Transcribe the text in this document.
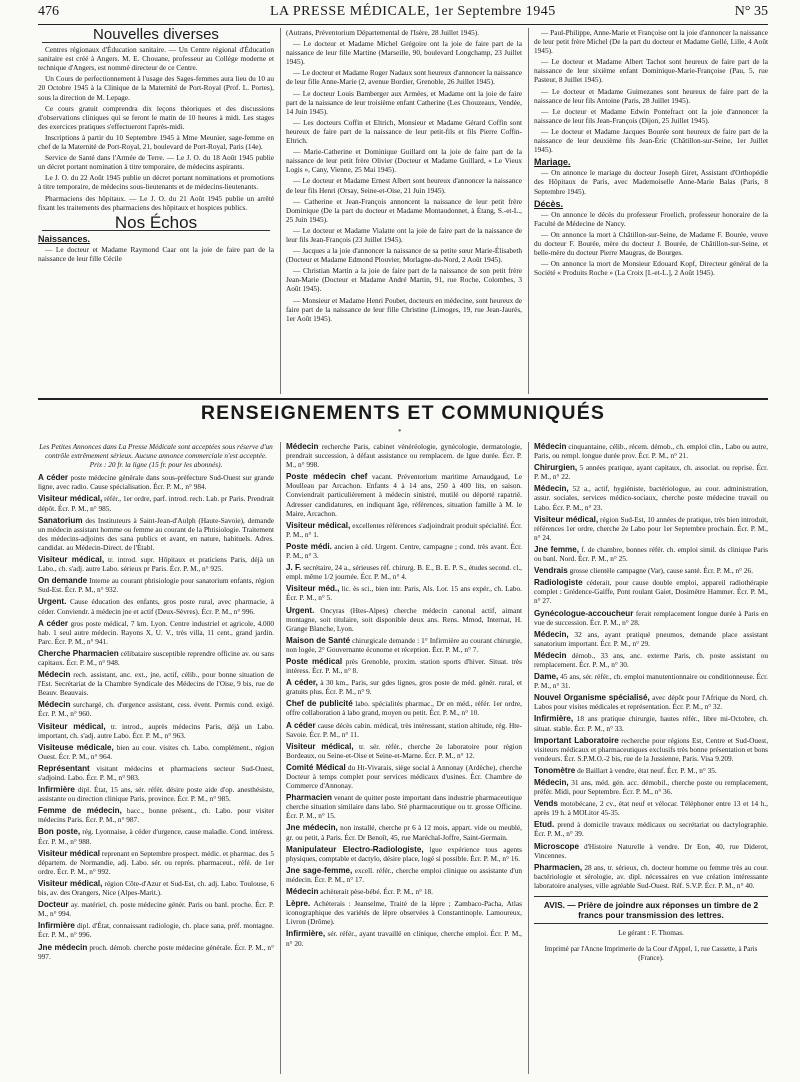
476	LA PRESSE MÉDICALE, 1er Septembre 1945	N° 35
Nouvelles diverses

Centres régionaux d'Éducation sanitaire. — Un Centre régional d'Éducation sanitaire est créé à Angers. M. E. Chouane, professeur au Collège moderne et technique d'Angers, est nommé directeur de ce Centre.

Un Cours de perfectionnement à l'usage des Sages-femmes aura lieu du 10 au 20 Octobre 1945 à la Clinique de la Maternité de Port-Royal (Prof. L. Portes), sous la direction de M. Lepage.

Ce cours gratuit comprendra dix leçons théoriques et des discussions d'observations cliniques qui se feront le matin de 10 heures à midi. Les stages des exercices pratiques s'effectueront l'après-midi.

Inscriptions à partir du 10 Septembre 1945 à Mme Meunier, sage-femme en chef de la Maternité de Port-Royal, 21, boulevard de Port-Royal, Paris (14e).

Service de Santé dans l'Armée de Terre. — Le J. O. du 18 Août 1945 publie un décret portant nomination à titre temporaire, de médecins aspirants.

Le J. O. du 22 Août 1945 publie un décret portant nominations et promotions à titre temporaire, de médecins sous-lieutenants et de médecins-lieutenants.

Pharmaciens des hôpitaux. — Le J. O. du 21 Août 1945 publie un arrêté fixant les traitements des pharmaciens des hôpitaux et hospices publics.

Nos Échos
Naissances.

— Le docteur et Madame Raymond Caar ont la joie de faire part de la naissance de leur fille Cécile

(Autrans, Préventorium Départemental de l'Isère, 28 Juillet 1945).

— Le docteur et Madame Michel Grégoire ont la joie de faire part de la naissance de leur fille Martine (Marseille, 90, boulevard Longchamp, 23 Juillet 1945).

— Le docteur et Madame Roger Nadaux sont heureux d'annoncer la naissance de leur fille Anne-Marie (2, avenue Bordier, Grenoble, 26 Juillet 1945).

— Le docteur Louis Bamberger aux Armées, et Madame ont la joie de faire part de la naissance de leur troisième enfant Catherine (Les Chouzeaux, Vendée, 14 Juin 1945).

— Les docteurs Coffin et Eltrich, Monsieur et Madame Gérard Coffin sont heureux de faire part de la naissance de leur petit-fils et fils Pierre Coffin-Eltrich.

— Marie-Catherine et Dominique Guillard ont la joie de faire part de la naissance de leur petit frère Olivier (Docteur et Madame Guillard, « Le Vieux Logis », Cany, Vienne, 25 Mai 1945).

— Le docteur et Madame Ernest Albert sont heureux d'annoncer la naissance de leur fils Henri (Orsay, Seine-et-Oise, 21 Juin 1945).

— Catherine et Jean-François annoncent la naissance de leur petit frère Dominique (De la part du docteur et Madame Montaudonnet, à Étang, S.-et-L., 25 Juin 1945).

— Le docteur et Madame Vialatte ont la joie de faire part de la naissance de leur fils Jean-François (23 Juillet 1945).

— Jacques a la joie d'annoncer la naissance de sa petite sœur Marie-Élisabeth (Docteur et Madame Edmond Plouvier, Morlagne-du-Nord, 2 Août 1945).

— Christian Martin a la joie de faire part de la naissance de son petit frère Jean-Marie (Docteur et Madame André Martin, 91, rue Roche, Colombes, 3 Août 1945).

— Monsieur et Madame Henri Poubet, docteurs en médecine, sont heureux de faire part de la naissance de leur fille Christine (Limoges, 19, rue Jean-Jaurès, 1er Août 1945).

— Paul-Philippe, Anne-Marie et Françoise ont la joie d'annoncer la naissance de leur petit frère Michel (De la part du docteur et Madame Gellé, Lille, 4 Août 1945).

— Le docteur et Madame Albert Tachot sont heureux de faire part de la naissance de leur sixième enfant Dominique-Marie-Françoise (Pau, 5, rue Pasteur, 8 Juillet 1945).

— Le docteur et Madame Guimezanes sont heureux de faire part de la naissance de leur fils Antoine (Paris, 28 Juillet 1945).

— Le docteur et Madame Edwin Pontefract ont la joie d'annoncer la naissance de leur fils Jean-François (Dijon, 25 Juillet 1945).

— Le docteur et Madame Jacques Bourée sont heureux de faire part de la naissance de leur deuxième fils Jean-Éric (Châtillon-sur-Seine, 1er Juillet 1945).

Mariage.

— On annonce le mariage du docteur Joseph Giret, Assistant d'Orthopédie des Hôpitaux de Paris, avec Mademoiselle Anne-Marie Balas (Paris, 8 Septembre 1945).

Décès.

— On annonce le décès du professeur Froelich, professeur honoraire de la Faculté de Médecine de Nancy.

— On annonce la mort à Châtillon-sur-Seine, de Madame F. Bourée, veuve du docteur F. Bourée, mère du docteur J. Bourée, de Châtillon-sur-Seine, et belle-mère du docteur Pierre Maugras, de Bourges.

— On annonce la mort de Monsieur Edouard Kopf, Directeur général de la Société « Produits Roche » (La Croix [I.-et-L.], 2 Août 1945).

RENSEIGNEMENTS ET COMMUNIQUÉS
*
Les Petites Annonces dans La Presse Médicale sont acceptées sous réserve d'un contrôle extrêmement sérieux. Aucune annonce commerciale n'est acceptée. Prix : 20 fr. la ligne (15 fr. pour les abonnés).
A céder poste médecine générale dans sous-préfecture Sud-Ouest sur grande ligne, avec radio. Cause spécialisation. Écr. P. M., n° 984.
Visiteur médical, référ., 1er ordre, parf. introd. rech. Lab. pr Paris. Prendrait dépôt. Écr. P. M., n° 985.
Sanatorium des Instituteurs à Saint-Jean-d'Aulph (Haute-Savoie), demande un médecin assistant homme ou femme au courant de la Phtisiologie. Traitement des médecins-adjoints des sana publics et avant, en nature, habituels. Adres. candidat. au Médecin-Direct. de l'Établ.
Visiteur médical, tr. introd. supr. Hôpitaux et praticiens Paris, déjà un Labo., ch. s'adj. autre Labo. sérieux pr Paris. Écr. P. M., n° 925.
On demande Interne au courant phtisiologie pour sanatorium enfants, région Sud-Est. Écr. P. M., n° 932.
Urgent. Cause éducation des enfants, gros poste rural, avec pharmacie, à céder. Conviendr. à médecin jne et actif (Deux-Sèvres). Écr. P. M., n° 996.
A céder gros poste médical, 7 km. Lyon. Centre industriel et agricole, 4.000 hab. 1 seul autre médecin. Rayons X, U. V., très villa, 11 cent., grand jardin. Parc. Écr. P. M., n° 941.
Cherche Pharmacien célibataire susceptible reprendre officine av. ou sans capitaux. Écr. P. M., n° 948.
Médecin rech. assistant, anc. ext., jne, actif, célib., pour bonne situation de l'Est. Secrétariat de la Chambre Syndicale des Médecins de l'Oise, 9 bis, rue de Beauv. Beauvais.
Médecin surchargé, ch. d'urgence assistant, cess. évent. Permis cond. exigé. Écr. P. M., n° 960.
Visiteur médical, tr. introd., auprès médecins Paris, déjà un Labo. important, ch. s'adj. autre Labo. Écr. P. M., n° 963.
Visiteuse médicale, bien au cour. visites ch. Labo. complément., région Ouest. Écr. P. M., n° 964.
Représentant visitant médecins et pharmaciens secteur Sud-Ouest, s'adjoind. Labo. Écr. P. M., n° 983.
Infirmière dipl. État, 15 ans, sér. référ. désire poste aide d'op. anesthésiste, assistante ou direction clinique Paris, province. Écr. P. M., n° 985.
Femme de médecin, bacc., bonne présent., ch. Labo. pour visiter médecins Paris. Écr. P. M., n° 987.
Bon poste, rég. Lyonnaise, à céder d'urgence, cause maladie. Cond. intéress. Écr. P. M., n° 988.
Visiteur médical reprenant en Septembre prospect. médic. et pharmac. des 5 départem. de Normandie, adj. Labo. sér. ou représ. pharmaceut., réfé. de 1er ordre. Écr. P. M., n° 992.
Visiteur médical, région Côte-d'Azur et Sud-Est, ch. adj. Labo. Toulouse, 6 bis, av. des Orangers, Nice (Alpes-Marit.).
Docteur ay. matériel, ch. poste médecine génér. Paris ou banl. proche. Écr. P. M., n° 994.
Infirmière dipl. d'État, connaissant radiologie, ch. place sana, préf. montagne. Écr. P. M., n° 996.
Jne médecin proch. démob. cherche poste médecine générale. Écr. P. M., n° 997.
Médecin recherche Paris, cabinet vénéréologie, gynécologie, dermatologie, prendrait succession, à défaut assistance ou remplacem. de lgue durée. Écr. P. M., n° 998.
Poste médecin chef vacant. Préventorium maritime Arnaudgaud, Le Moulleau par Arcachon. Enfants 4 à 14 ans, 250 à 400 lits, en saison. Conviendrait particulièrement à médecin sinistré, mutilé ou déporté rapatrié. Adresser candidatures, en indiquant âge, références, situation famille à M. le Maire, Arcachon.
Visiteur médical, excellentes références s'adjoindrait produit spécialité. Écr. P. M., n° 1.
Poste médi. ancien à céd. Urgent. Centre, campagne ; cond. très avant. Écr. P. M., n° 3.
J. F. secrétaire, 24 a., sérieuses réf. chirurg. B. E., B. E. P. S., études second. cl., empl. même 1/2 journée. Écr. P. M., n° 4.
Visiteur méd., lic. ès sci., bien intr. Paris, Als. Lor. 15 ans expér., ch. Labo. Écr. P. M., n° 5.
Urgent. Oncyras (Htes-Alpes) cherche médecin canonal actif, aimant montagne, soit titulaire, soit disponible deux ans. Rens. Mmod, Internat, H. Grange Blanche, Lyon.
Maison de Santé chirurgicale demande : 1° Infirmière au courant chirurgie, non logée, 2° Gouvernante économe et réception. Écr. P. M., n° 7.
Poste médical près Grenoble, proxim. station sports d'hiver. Situat. très intéress. Écr. P. M., n° 8.
A céder, à 30 km., Paris, sur gdes lignes, gros poste de méd. génér. rural, et gratuits plus. Écr. P. M., n° 9.
Chef de publicité labo. spécialités pharmac., Dr en méd., référ. 1er ordre, offre collaboration à labo grand, moyen ou petit. Écr. P. M., n° 10.
A céder cause décès cabin. médical, très intéressant, station altitude, rég. Hte-Savoie. Écr. P. M., n° 11.
Visiteur médical, tr. sér. référ., cherche 2e laboratoire pour région Bordeaux, ou Seine-et-Oise et Seine-et-Marne. Écr. P. M., n° 12.
Comité Médical du Ht-Vivarais, siège social à Annonay (Ardèche), cherche Docteur à temps complet pour services médicaux d'usines. Écr. Chambre de Commerce d'Annonay.
Pharmacien venant de quitter poste important dans industrie pharmaceutique cherche situation similaire dans labo. Sté pharmaceutique ou tr. grosse Officine. Écr. P. M., n° 15.
Jne médecin, non installé, cherche pr 6 à 12 mois, appart. vide ou meublé, gr. ou petit, à Paris. Écr. Dr Benoît, 45, rue Maréchal-Joffre, Saint-Germain.
Manipulateur Electro-Radiologiste, lgue expérience tous agents physiques, comptable et dactylo, désire place, logé si possible. Écr. P. M., n° 16.
Jne sage-femme, excell. référ., cherche emploi clinique ou assistante d'un médecin. Écr. P. M., n° 17.
Médecin achèterait pèse-bébé. Écr. P. M., n° 18.
Lèpre. Achèterais : Jeanselme, Traité de la lèpre ; Zambaco-Pacha, Atlas iconographique des variétés de lèpre observées à Constantinople. Lamoureux, Livron (Drôme).
Infirmière, sér. référ., ayant travaillé en clinique, cherche emploi. Écr. P. M., n° 20.
Médecin cinquantaine, célib., récem. démob., ch. emploi clin., Labo ou autre, Paris, ou rempl. longue durée prov. Écr. P. M., n° 21.
Chirurgien, 5 années pratique, ayant capitaux, ch. associat. ou reprise. Écr. P. M., n° 22.
Médecin, 52 a., actif, hygiéniste, bactériologue, au cour. administration, assur. sociales, services médico-sociaux, cherche poste médecine travail ou Labo. Écr. P. M., n° 23.
Visiteur médical, région Sud-Est, 10 années de pratique, très bien introduit, références 1er ordre, cherche 2e Labo pour 1er Septembre prochain. Écr. P. M., n° 24.
Jne femme, f. de chambre, bonnes référ. ch. emploi simil. ds clinique Paris ou banl. Nord. Écr. P. M., n° 25.
Vendrais grosse clientèle campagne (Var), cause santé. Écr. P. M., n° 26.
Radiologiste céderait, pour cause double emploi, appareil radiothérapie complet : Grédence-Gaiffe, Pont roulant Gaiet, Dosimètre Hammer. Écr. P. M., n° 27.
Gynécologue-accoucheur ferait remplacement longue durée à Paris en vue de succession. Écr. P. M., n° 28.
Médecin, 32 ans, ayant pratiqué pneumos, demande place assistant sanatorium important. Écr. P. M., n° 29.
Médecin démob., 33 ans, anc. externe Paris, ch. poste assistant ou remplacement. Écr. P. M., n° 30.
Dame, 45 ans, sér. référ., ch. emploi manutentionnaire ou conditionneuse. Écr. P. M., n° 31.
Nouvel Organisme spécialisé, avec dépôt pour l'Afrique du Nord, ch. Labos pour visites médicales et représentation. Écr. P. M., n° 32.
Infirmière, 18 ans pratique chirurgie, hautes référ., libre mi-Octobre, ch. situat. stable. Écr. P. M., n° 33.
Important Laboratoire recherche pour régions Est, Centre et Sud-Ouest, visiteurs médicaux et pharmaceutiques exclusifs très bonne présentation et bons vendeurs. Écr. S.P.M.O.-2 bis, rue de la Jussienne, Paris. Visa 9.209.
Tonomètre de Baillart à vendre, état neuf. Écr. P. M., n° 35.
Médecin, 31 ans, méd. gén. acc. démobil., cherche poste ou remplacement, préfér. Midi, pour Septembre. Écr. P. M., n° 36.
Vends motobécane, 2 cv., état neuf et vélocar. Téléphoner entre 13 et 14 h., après 19 h. à MOLitor 45-35.
Etud. prend à domicile travaux médicaux ou secrétariat ou dactylographie. Écr. P. M., n° 39.
Microscope d'Histoire Naturelle à vendre. Dr Eon, 40, rue Diderot, Vincennes.
Pharmacien, 28 ans, tr. sérieux, ch. docteur homme ou femme très au cour. bactériologie et sérologie, av. dipl. nécessaires en vue création intéressante laboratoire analyses, ville agréable Sud-Ouest. Réf. S.V.P. Écr. P. M., n° 40.
AVIS. — Prière de joindre aux réponses un timbre de 2 francs pour transmission des lettres.
Le gérant : F. Thomas.
Imprimé par l'Ancne Imprimerie de la Cour d'Appel, 1, rue Cassette, à Paris (France).
